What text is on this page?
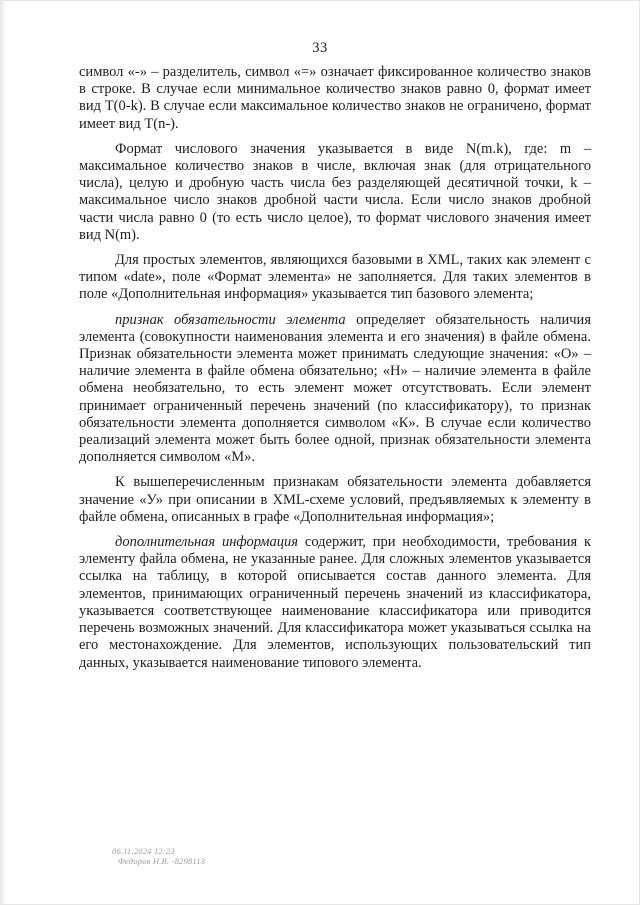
33

символ «-» – разделитель, символ «=» означает фиксированное количество знаков в строке. В случае если минимальное количество знаков равно 0, формат имеет вид T(0-k). В случае если максимальное количество знаков не ограничено, формат имеет вид T(n-).

Формат числового значения указывается в виде N(m.k), где: m – максимальное количество знаков в числе, включая знак (для отрицательного числа), целую и дробную часть числа без разделяющей десятичной точки, k – максимальное число знаков дробной части числа. Если число знаков дробной части числа равно 0 (то есть число целое), то формат числового значения имеет вид N(m).

Для простых элементов, являющихся базовыми в XML, таких как элемент с типом «date», поле «Формат элемента» не заполняется. Для таких элементов в поле «Дополнительная информация» указывается тип базового элемента;

признак обязательности элемента определяет обязательность наличия элемента (совокупности наименования элемента и его значения) в файле обмена. Признак обязательности элемента может принимать следующие значения: «О» – наличие элемента в файле обмена обязательно; «Н» – наличие элемента в файле обмена необязательно, то есть элемент может отсутствовать. Если элемент принимает ограниченный перечень значений (по классификатору), то признак обязательности элемента дополняется символом «К». В случае если количество реализаций элемента может быть более одной, признак обязательности элемента дополняется символом «М».

К вышеперечисленным признакам обязательности элемента добавляется значение «У» при описании в XML-схеме условий, предъявляемых к элементу в файле обмена, описанных в графе «Дополнительная информация»;

дополнительная информация содержит, при необходимости, требования к элементу файла обмена, не указанные ранее. Для сложных элементов указывается ссылка на таблицу, в которой описывается состав данного элемента. Для элементов, принимающих ограниченный перечень значений из классификатора, указывается соответствующее наименование классификатора или приводится перечень возможных значений. Для классификатора может указываться ссылка на его местонахождение. Для элементов, использующих пользовательский тип данных, указывается наименование типового элемента.

06.11.2024 12:23
Федоров Н.В. -8298113
